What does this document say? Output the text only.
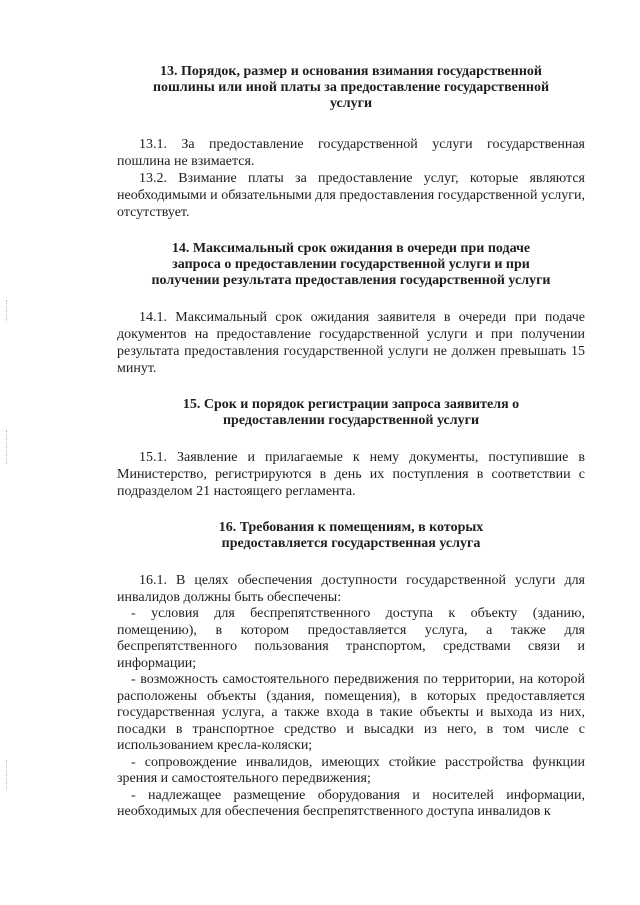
13. Порядок, размер и основания взимания государственной пошлины или иной платы за предоставление государственной услуги
13.1. За предоставление государственной услуги государственная пошлина не взимается.
13.2. Взимание платы за предоставление услуг, которые являются необходимыми и обязательными для предоставления государственной услуги, отсутствует.
14. Максимальный срок ожидания в очереди при подаче запроса о предоставлении государственной услуги и при получении результата предоставления государственной услуги
14.1. Максимальный срок ожидания заявителя в очереди при подаче документов на предоставление государственной услуги и при получении результата предоставления государственной услуги не должен превышать 15 минут.
15. Срок и порядок регистрации запроса заявителя о предоставлении государственной услуги
15.1. Заявление и прилагаемые к нему документы, поступившие в Министерство, регистрируются в день их поступления в соответствии с подразделом 21 настоящего регламента.
16. Требования к помещениям, в которых предоставляется государственная услуга
16.1. В целях обеспечения доступности государственной услуги для инвалидов должны быть обеспечены:
- условия для беспрепятственного доступа к объекту (зданию, помещению), в котором предоставляется услуга, а также для беспрепятственного пользования транспортом, средствами связи и информации;
- возможность самостоятельного передвижения по территории, на которой расположены объекты (здания, помещения), в которых предоставляется государственная услуга, а также входа в такие объекты и выхода из них, посадки в транспортное средство и высадки из него, в том числе с использованием кресла-коляски;
- сопровождение инвалидов, имеющих стойкие расстройства функции зрения и самостоятельного передвижения;
- надлежащее размещение оборудования и носителей информации, необходимых для обеспечения беспрепятственного доступа инвалидов к
